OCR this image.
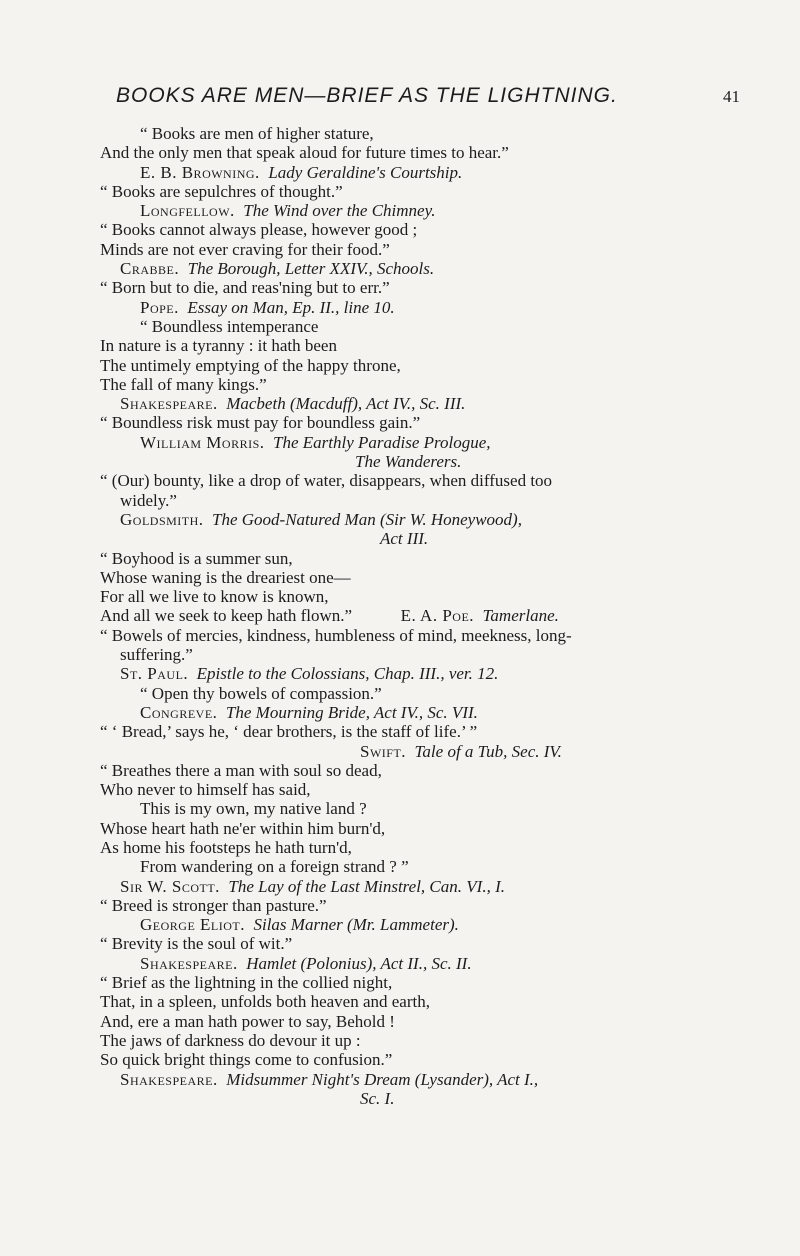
BOOKS ARE MEN—BRIEF AS THE LIGHTNING.	41
“ Books are men of higher stature,
And the only men that speak aloud for future times to hear.”
E. B. Browning. Lady Geraldine's Courtship.
“ Books are sepulchres of thought.”
Longfellow. The Wind over the Chimney.
“ Books cannot always please, however good ;
Minds are not ever craving for their food.”
Crabbe. The Borough, Letter XXIV., Schools.
“ Born but to die, and reas'ning but to err.”
Pope. Essay on Man, Ep. II., line 10.
“ Boundless intemperance
In nature is a tyranny : it hath been
The untimely emptying of the happy throne,
The fall of many kings.”
Shakespeare. Macbeth (Macduff), Act IV., Sc. III.
“ Boundless risk must pay for boundless gain.”
William Morris. The Earthly Paradise Prologue,
The Wanderers.
“ (Our) bounty, like a drop of water, disappears, when diffused too
widely.”
Goldsmith. The Good-Natured Man (Sir W. Honeywood),
Act III.
“ Boyhood is a summer sun,
Whose waning is the dreariest one—
For all we live to know is known,
And all we seek to keep hath flown.”	E. A. Poe. Tamerlane.
“ Bowels of mercies, kindness, humbleness of mind, meekness, long-
suffering.”
St. Paul. Epistle to the Colossians, Chap. III., ver. 12.
“ Open thy bowels of compassion.”
Congreve. The Mourning Bride, Act IV., Sc. VII.
“ ‘ Bread,’ says he, ‘ dear brothers, is the staff of life.’ ”
Swift. Tale of a Tub, Sec. IV.
“ Breathes there a man with soul so dead,
Who never to himself has said,
This is my own, my native land ?
Whose heart hath ne'er within him burn'd,
As home his footsteps he hath turn'd,
From wandering on a foreign strand ? ”
Sir W. Scott. The Lay of the Last Minstrel, Can. VI., I.
“ Breed is stronger than pasture.”
George Eliot. Silas Marner (Mr. Lammeter).
“ Brevity is the soul of wit.”
Shakespeare. Hamlet (Polonius), Act II., Sc. II.
“ Brief as the lightning in the collied night,
That, in a spleen, unfolds both heaven and earth,
And, ere a man hath power to say, Behold !
The jaws of darkness do devour it up :
So quick bright things come to confusion.”
Shakespeare. Midsummer Night's Dream (Lysander), Act I.,
Sc. I.
